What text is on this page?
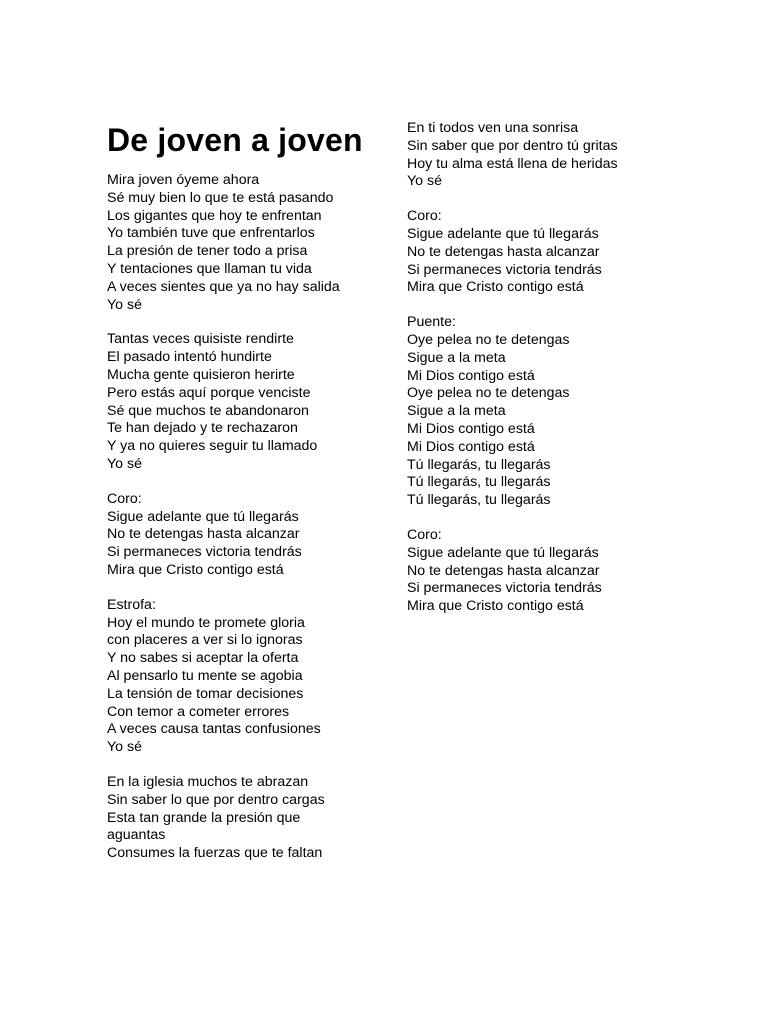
De joven a joven
Mira joven óyeme ahora
Sé muy bien lo que te está pasando
Los gigantes que hoy te enfrentan
Yo también tuve que enfrentarlos
La presión de tener todo a prisa
Y tentaciones que llaman tu vida
A veces sientes que ya no hay salida
Yo sé
Tantas veces quisiste rendirte
El pasado intentó hundirte
Mucha gente quisieron herirte
Pero estás aquí porque venciste
Sé que muchos te abandonaron
Te han dejado y te rechazaron
Y ya no quieres seguir tu llamado
Yo sé
Coro:
Sigue adelante que tú llegarás
No te detengas hasta alcanzar
Si permaneces victoria tendrás
Mira que Cristo contigo está
Estrofa:
Hoy el mundo te promete gloria
con placeres a ver si lo ignoras
Y no sabes si aceptar la oferta
Al pensarlo tu mente se agobia
La tensión de tomar decisiones
Con temor a cometer errores
A veces causa tantas confusiones
Yo sé
En la iglesia muchos te abrazan
Sin saber lo que por dentro cargas
Esta tan grande la presión que aguantas
Consumes la fuerzas que te faltan
En ti todos ven una sonrisa
Sin saber que por dentro tú gritas
Hoy tu alma está llena de heridas
Yo sé
Coro:
Sigue adelante que tú llegarás
No te detengas hasta alcanzar
Si permaneces victoria tendrás
Mira que Cristo contigo está
Puente:
Oye pelea no te detengas
Sigue a la meta
Mi Dios contigo está
Oye pelea no te detengas
Sigue a la meta
Mi Dios contigo está
Mi Dios contigo está
Tú llegarás, tu llegarás
Tú llegarás, tu llegarás
Tú llegarás, tu llegarás
Coro:
Sigue adelante que tú llegarás
No te detengas hasta alcanzar
Si permaneces victoria tendrás
Mira que Cristo contigo está
